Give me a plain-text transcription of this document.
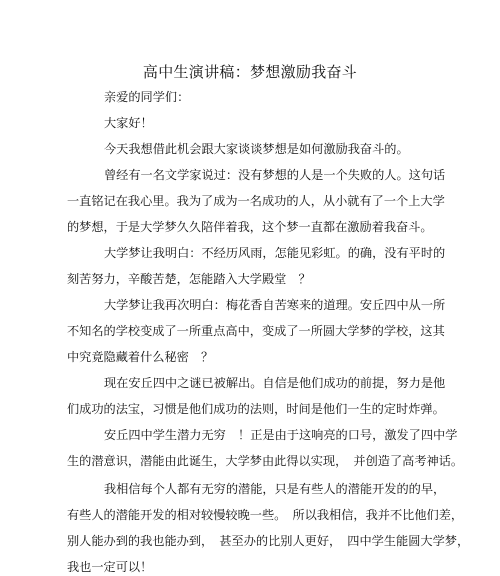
高中生演讲稿：梦想激励我奋斗
亲爱的同学们：
大家好！
今天我想借此机会跟大家谈谈梦想是如何激励我奋斗的。
曾经有一名文学家说过：没有梦想的人是一个失败的人。这句话
一直铭记在我心里。我为了成为一名成功的人，从小就有了一个上大学
的梦想，于是大学梦久久陪伴着我，这个梦一直都在激励着我奋斗。
大学梦让我明白：不经历风雨，怎能见彩虹。的确，没有平时的
刻苦努力，辛酸苦楚，怎能踏入大学殿堂　？
大学梦让我再次明白：梅花香自苦寒来的道理。安丘四中从一所
不知名的学校变成了一所重点高中，变成了一所圆大学梦的学校，这其
中究竟隐藏着什么秘密　？
现在安丘四中之谜已被解出。自信是他们成功的前提，努力是他
们成功的法宝，习惯是他们成功的法则，时间是他们一生的定时炸弹。
安丘四中学生潜力无穷　！正是由于这响亮的口号，激发了四中学
生的潜意识，潜能由此诞生，大学梦由此得以实现，　并创造了高考神话。
我相信每个人都有无穷的潜能，只是有些人的潜能开发的的早，
有些人的潜能开发的相对较慢较晚一些。　所以我相信，我并不比他们差，
别人能办到的我也能办到，　甚至办的比别人更好，　四中学生能圆大学梦，
我也一定可以！
